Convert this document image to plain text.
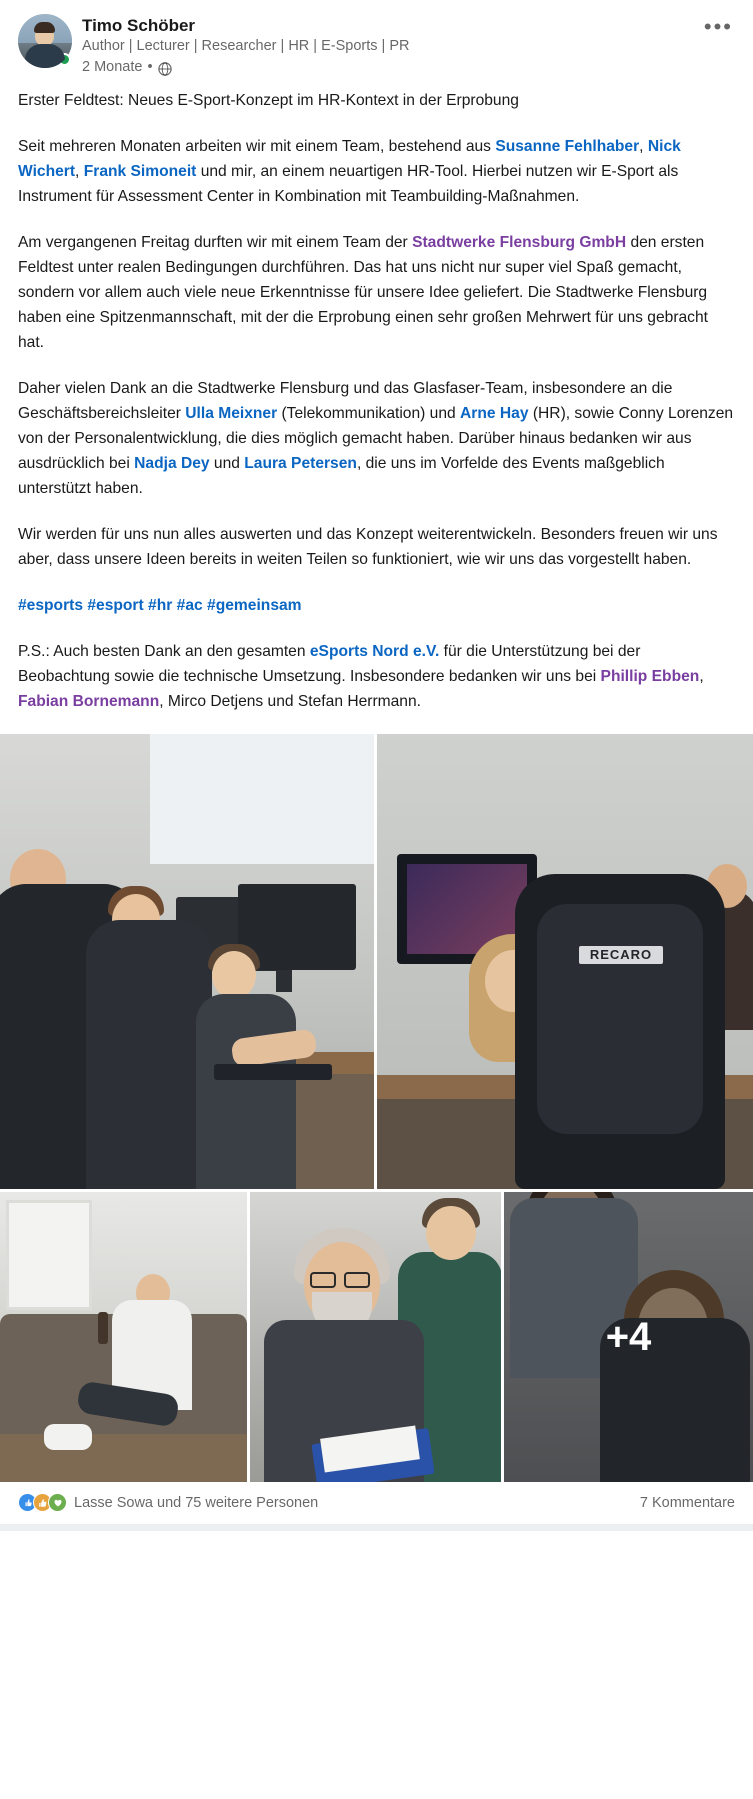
Timo Schöber
Author | Lecturer | Researcher | HR | E-Sports | PR
2 Monate •
•••

Erster Feldtest: Neues E-Sport-Konzept im HR-Kontext in der Erprobung

Seit mehreren Monaten arbeiten wir mit einem Team, bestehend aus Susanne Fehlhaber, Nick Wichert, Frank Simoneit und mir, an einem neuartigen HR-Tool. Hierbei nutzen wir E-Sport als Instrument für Assessment Center in Kombination mit Teambuilding-Maßnahmen.

Am vergangenen Freitag durften wir mit einem Team der Stadtwerke Flensburg GmbH den ersten Feldtest unter realen Bedingungen durchführen. Das hat uns nicht nur super viel Spaß gemacht, sondern vor allem auch viele neue Erkenntnisse für unsere Idee geliefert. Die Stadtwerke Flensburg haben eine Spitzenmannschaft, mit der die Erprobung einen sehr großen Mehrwert für uns gebracht hat.

Daher vielen Dank an die Stadtwerke Flensburg und das Glasfaser-Team, insbesondere an die Geschäftsbereichsleiter Ulla Meixner (Telekommunikation) und Arne Hay (HR), sowie Conny Lorenzen von der Personalentwicklung, die dies möglich gemacht haben. Darüber hinaus bedanken wir aus ausdrücklich bei Nadja Dey und Laura Petersen, die uns im Vorfelde des Events maßgeblich unterstützt haben.

Wir werden für uns nun alles auswerten und das Konzept weiterentwickeln. Besonders freuen wir uns aber, dass unsere Ideen bereits in weiten Teilen so funktioniert, wie wir uns das vorgestellt haben.

#esports #esport #hr #ac #gemeinsam

P.S.: Auch besten Dank an den gesamten eSports Nord e.V. für die Unterstützung bei der Beobachtung sowie die technische Umsetzung. Insbesondere bedanken wir uns bei Phillip Ebben, Fabian Bornemann, Mirco Detjens und Stefan Herrmann.

RECARO
+4
Lasse Sowa und 75 weitere Personen	7 Kommentare
